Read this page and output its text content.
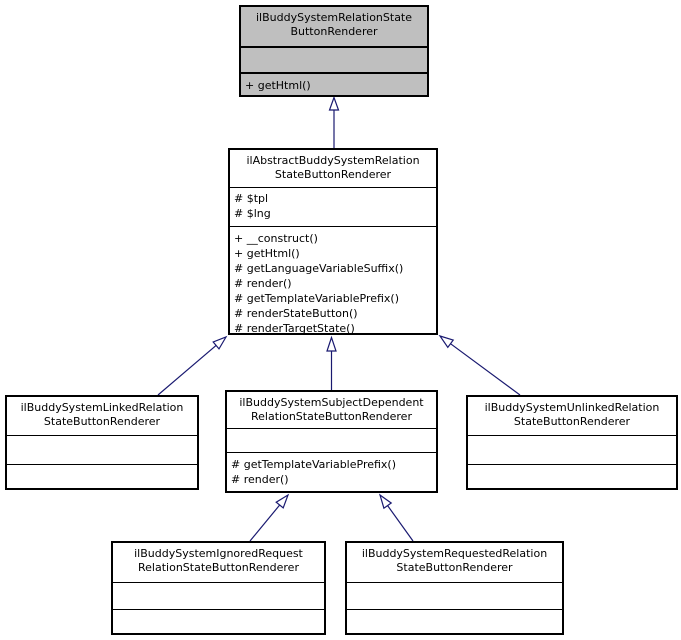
ilBuddySystemRelationState
ButtonRenderer
+ getHtml()
ilAbstractBuddySystemRelation
StateButtonRenderer
# $tpl
# $lng
+ __construct()
+ getHtml()
# getLanguageVariableSuffix()
# render()
# getTemplateVariablePrefix()
# renderStateButton()
# renderTargetState()
ilBuddySystemLinkedRelation
StateButtonRenderer
ilBuddySystemSubjectDependent
RelationStateButtonRenderer
# getTemplateVariablePrefix()
# render()
ilBuddySystemUnlinkedRelation
StateButtonRenderer
ilBuddySystemIgnoredRequest
RelationStateButtonRenderer
ilBuddySystemRequestedRelation
StateButtonRenderer
